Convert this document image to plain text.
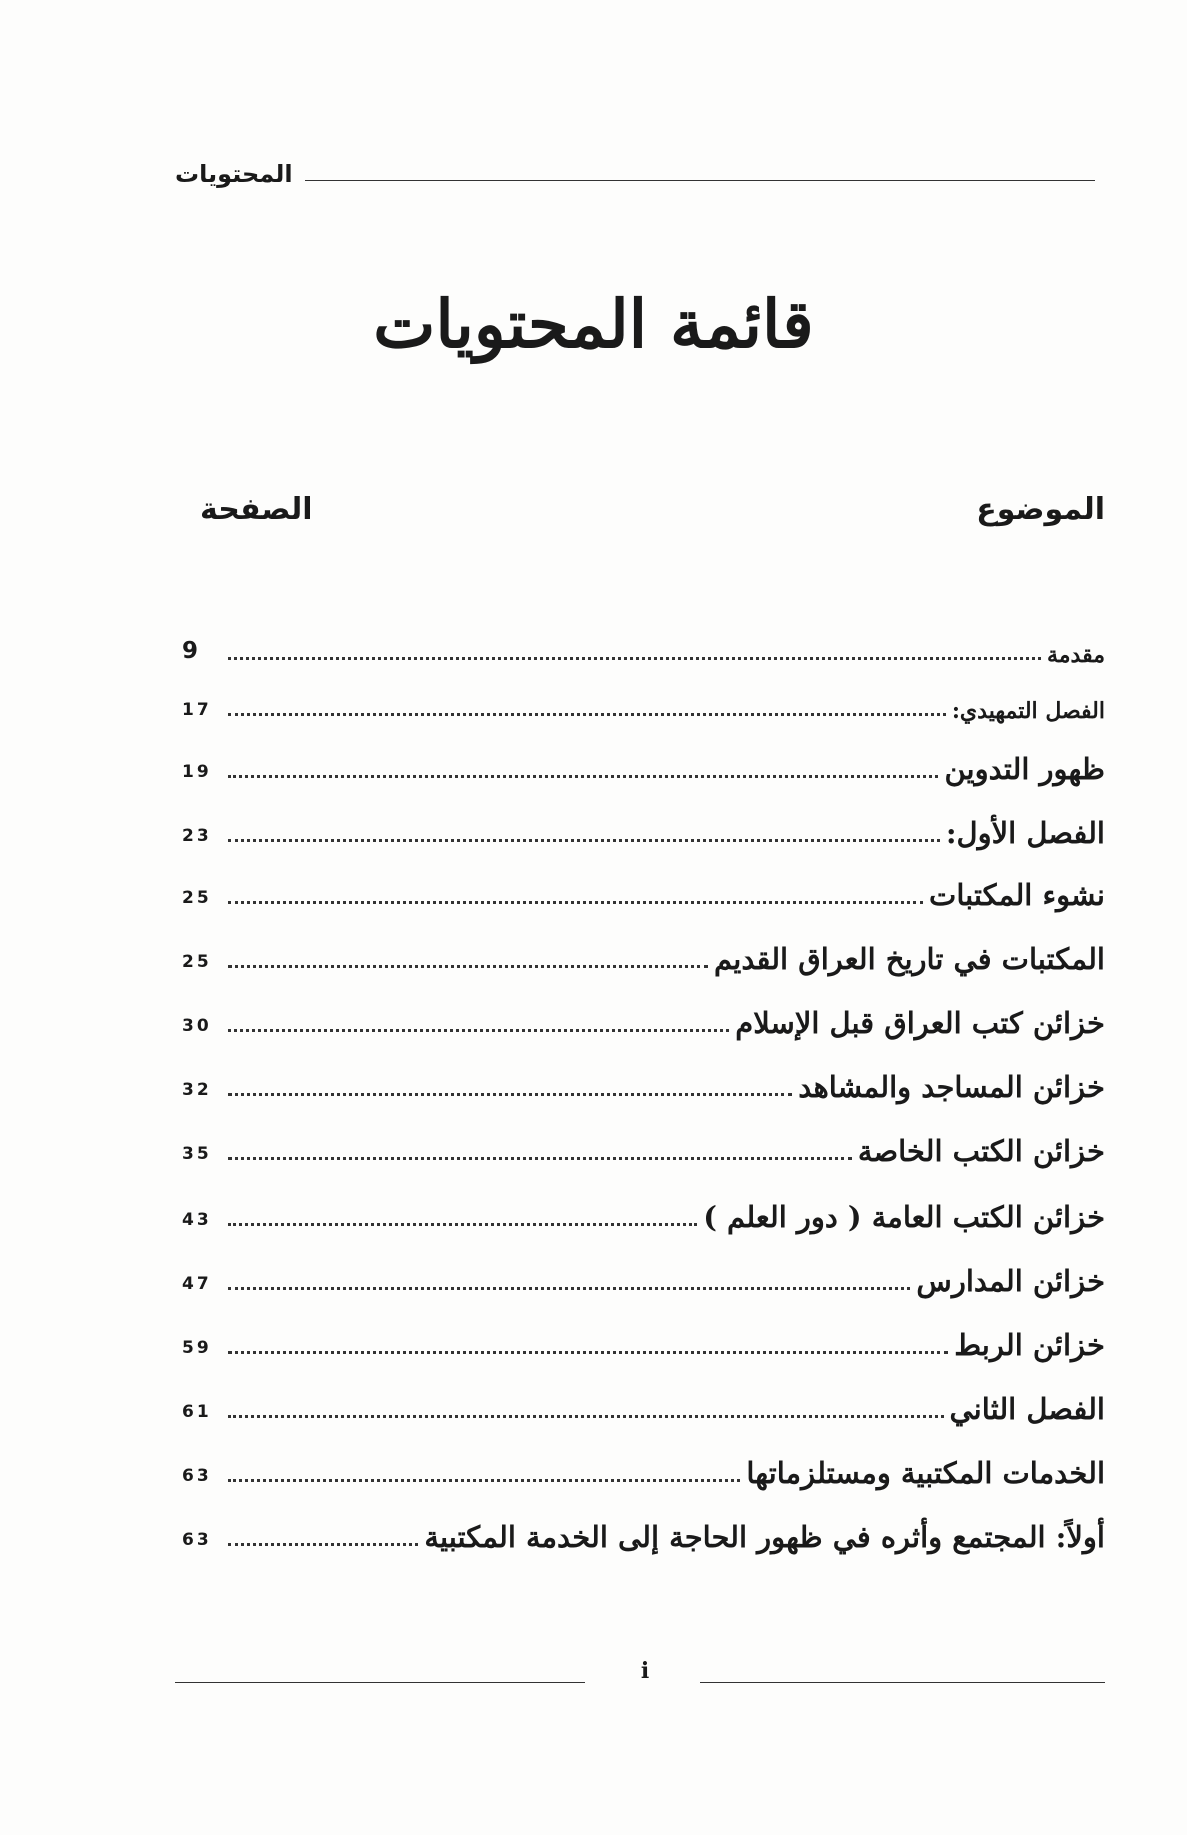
المحتويات
قائمة المحتويات
الموضوع
الصفحة
مقدمة
9
الفصل التمهيدي:
17
ظهور التدوين
19
الفصل الأول:
23
نشوء المكتبات
25
المكتبات في تاريخ العراق القديم
25
خزائن كتب العراق قبل الإسلام
30
خزائن المساجد والمشاهد
32
خزائن الكتب الخاصة
35
خزائن الكتب العامة ( دور العلم )
43
خزائن المدارس
47
خزائن الربط
59
الفصل الثاني
61
الخدمات المكتبية ومستلزماتها
63
أولاً: المجتمع وأثره في ظهور الحاجة إلى الخدمة المكتبية
63
i
